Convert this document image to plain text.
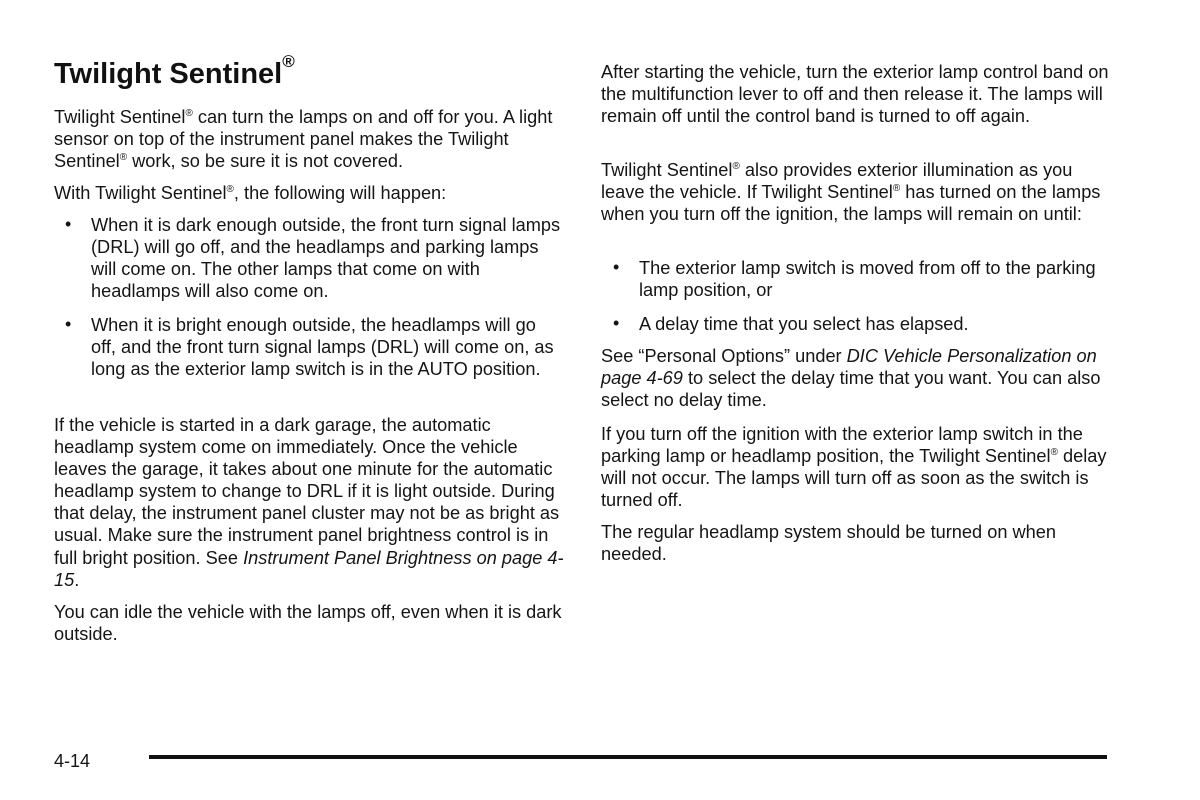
Twilight Sentinel®

Twilight Sentinel® can turn the lamps on and off for you. A light sensor on top of the instrument panel makes the Twilight Sentinel® work, so be sure it is not covered.

With Twilight Sentinel®, the following will happen:

• When it is dark enough outside, the front turn signal lamps (DRL) will go off, and the headlamps and parking lamps will come on. The other lamps that come on with headlamps will also come on.
• When it is bright enough outside, the headlamps will go off, and the front turn signal lamps (DRL) will come on, as long as the exterior lamp switch is in the AUTO position.

If the vehicle is started in a dark garage, the automatic headlamp system come on immediately. Once the vehicle leaves the garage, it takes about one minute for the automatic headlamp system to change to DRL if it is light outside. During that delay, the instrument panel cluster may not be as bright as usual. Make sure the instrument panel brightness control is in full bright position. See Instrument Panel Brightness on page 4-15.

You can idle the vehicle with the lamps off, even when it is dark outside.

After starting the vehicle, turn the exterior lamp control band on the multifunction lever to off and then release it. The lamps will remain off until the control band is turned to off again.

Twilight Sentinel® also provides exterior illumination as you leave the vehicle. If Twilight Sentinel® has turned on the lamps when you turn off the ignition, the lamps will remain on until:

• The exterior lamp switch is moved from off to the parking lamp position, or
• A delay time that you select has elapsed.

See “Personal Options” under DIC Vehicle Personalization on page 4-69 to select the delay time that you want. You can also select no delay time.

If you turn off the ignition with the exterior lamp switch in the parking lamp or headlamp position, the Twilight Sentinel® delay will not occur. The lamps will turn off as soon as the switch is turned off.

The regular headlamp system should be turned on when needed.

4-14
